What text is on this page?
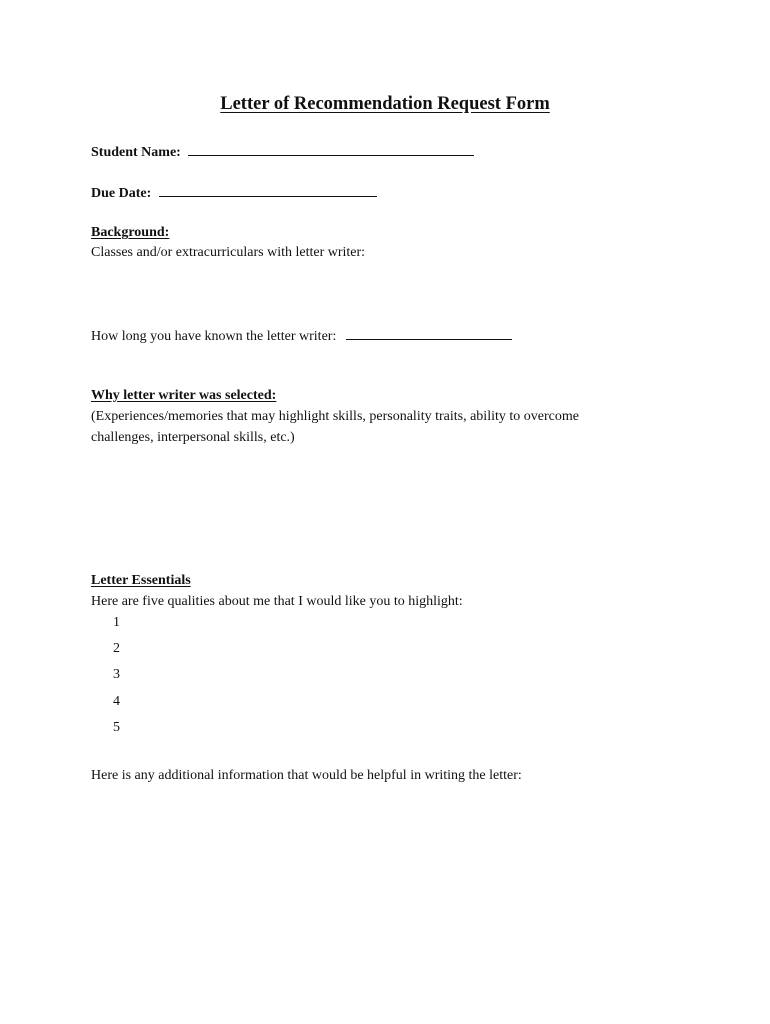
Letter of Recommendation Request Form
Student Name:
Due Date:
Background:
Classes and/or extracurriculars with letter writer:
How long you have known the letter writer:
Why letter writer was selected:
(Experiences/memories that may highlight skills, personality traits, ability to overcome
challenges, interpersonal skills, etc.)
Letter Essentials
Here are five qualities about me that I would like you to highlight:
1
2
3
4
5
Here is any additional information that would be helpful in writing the letter:
